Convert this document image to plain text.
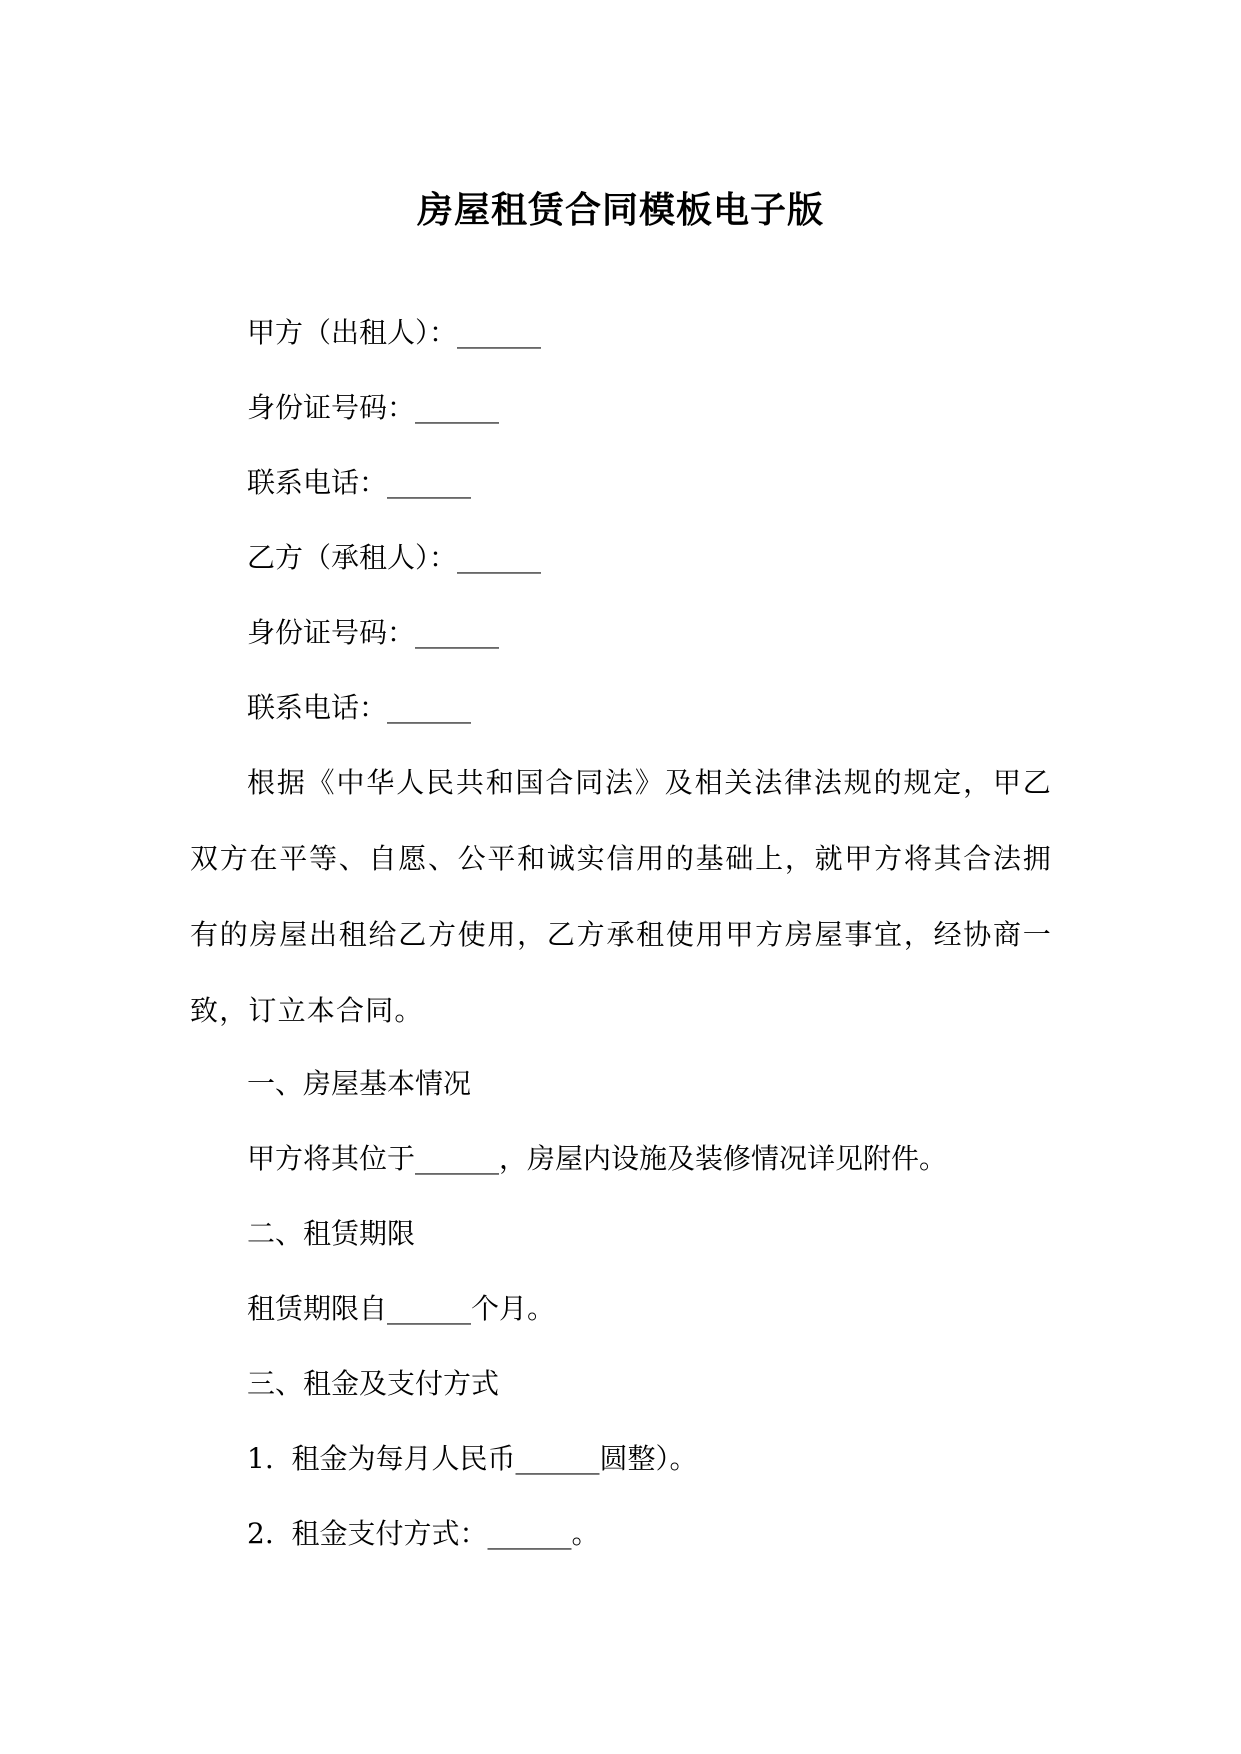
房屋租赁合同模板电子版
甲方（出租人）：______
身份证号码：______
联系电话：______
乙方（承租人）：______
身份证号码：______
联系电话：______
根据《中华人民共和国合同法》及相关法律法规的规定，甲乙双方在平等、自愿、公平和诚实信用的基础上，就甲方将其合法拥有的房屋出租给乙方使用，乙方承租使用甲方房屋事宜，经协商一致，订立本合同。
一、房屋基本情况
甲方将其位于______，房屋内设施及装修情况详见附件。
二、租赁期限
租赁期限自______个月。
三、租金及支付方式
1.  租金为每月人民币______圆整）。
2.  租金支付方式：______。
